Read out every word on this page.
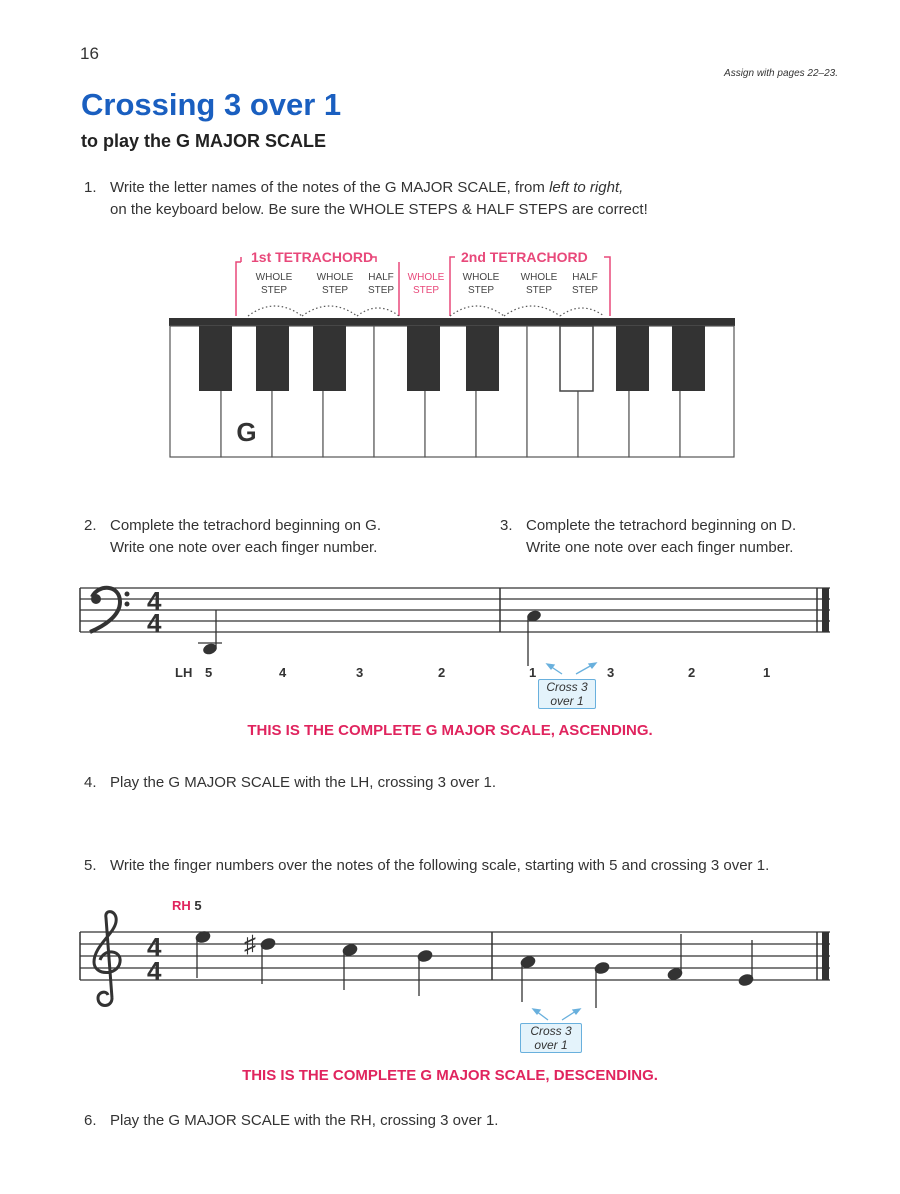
16
Assign with pages 22–23.
Crossing 3 over 1
to play the G MAJOR SCALE
1. Write the letter names of the notes of the G MAJOR SCALE, from left to right,
on the keyboard below. Be sure the WHOLE STEPS & HALF STEPS are correct!
1st TETRACHORD	2nd TETRACHORD
WHOLE
STEP
WHOLE
STEP
HALF
STEP
WHOLE
STEP
WHOLE
STEP
WHOLE
STEP
HALF
STEP
G
2. Complete the tetrachord beginning on G.
Write one note over each finger number.
3. Complete the tetrachord beginning on D.
Write one note over each finger number.
4
4
LH 5	4	3	2	1	3	2	1
Cross 3
over 1
THIS IS THE COMPLETE G MAJOR SCALE, ASCENDING.
4. Play the G MAJOR SCALE with the LH, crossing 3 over 1.
5. Write the finger numbers over the notes of the following scale, starting with 5 and crossing 3 over 1.
RH 5
4
4
♯
Cross 3
over 1
THIS IS THE COMPLETE G MAJOR SCALE, DESCENDING.
6. Play the G MAJOR SCALE with the RH, crossing 3 over 1.
